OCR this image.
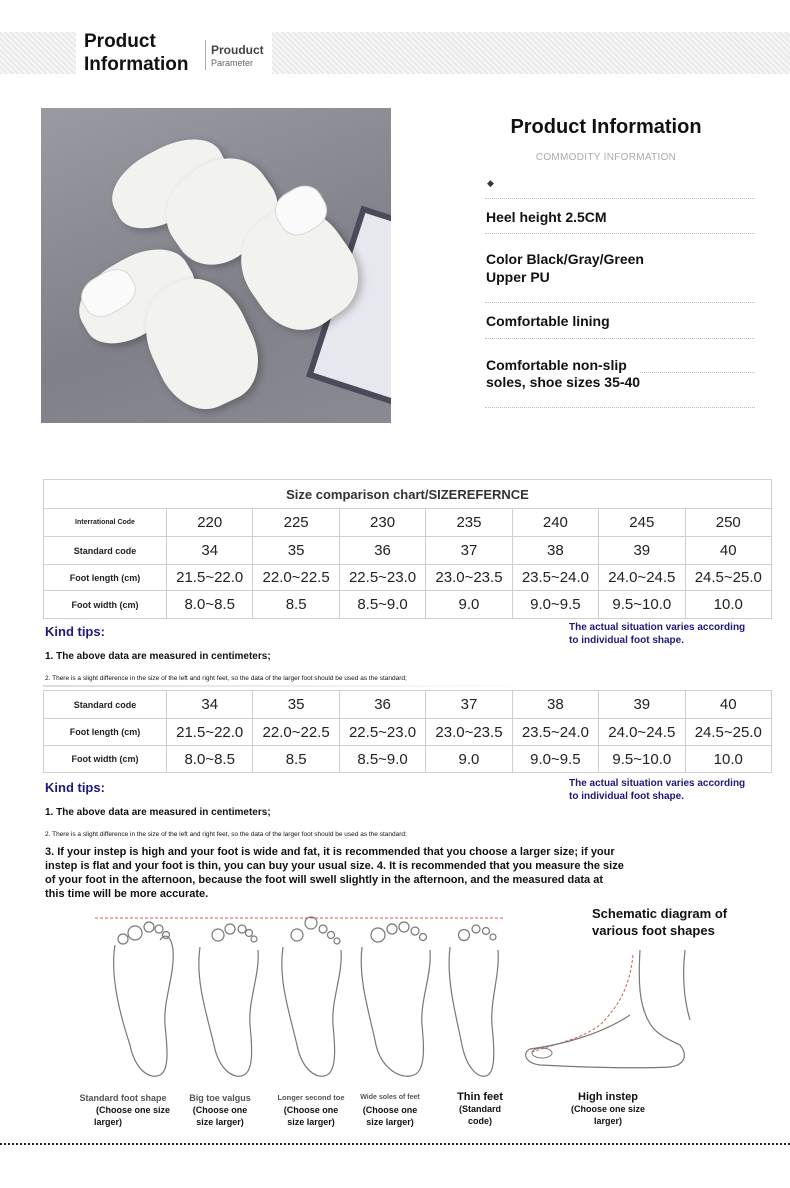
Product
Information
Prouduct
Parameter
Product Information
COMMODITY INFORMATION
◆
Heel height 2.5CM
Color Black/Gray/Green
Upper PU
Comfortable lining
Comfortable non-slip
soles, shoe sizes 35-40
Size comparison chart/SIZEREFERNCE							
Interrational Code	220	225	230	235	240	245	250
Standard code	34	35	36	37	38	39	40
Foot length (cm)	21.5~22.0	22.0~22.5	22.5~23.0	23.0~23.5	23.5~24.0	24.0~24.5	24.5~25.0
Foot width (cm)	8.0~8.5	8.5	8.5~9.0	9.0	9.0~9.5	9.5~10.0	10.0
Kind tips:	The actual situation varies according
to individual foot shape.
1. The above data are measured in centimeters;
2. There is a slight difference in the size of the left and right feet, so the data of the larger foot should be used as the standard;
Standard code	34	35	36	37	38	39	40
Foot length (cm)	21.5~22.0	22.0~22.5	22.5~23.0	23.0~23.5	23.5~24.0	24.0~24.5	24.5~25.0
Foot width (cm)	8.0~8.5	8.5	8.5~9.0	9.0	9.0~9.5	9.5~10.0	10.0
Kind tips:	The actual situation varies according
to individual foot shape.
1. The above data are measured in centimeters;
2. There is a slight difference in the size of the left and right feet, so the data of the larger foot should be used as the standard;
3. If your instep is high and your foot is wide and fat, it is recommended that you choose a larger size; if your
instep is flat and your foot is thin, you can buy your usual size. 4. It is recommended that you measure the size
of your foot in the afternoon, because the foot will swell slightly in the afternoon, and the measured data at
this time will be more accurate.
Schematic diagram of
various foot shapes
Standard foot shape
(Choose one size
larger)
Big toe valgus
(Choose one
size larger)
Longer second toe
(Choose one
size larger)
Wide soles of feet
(Choose one
size larger)
Thin feet
(Standard
code)
High instep
(Choose one size
larger)
